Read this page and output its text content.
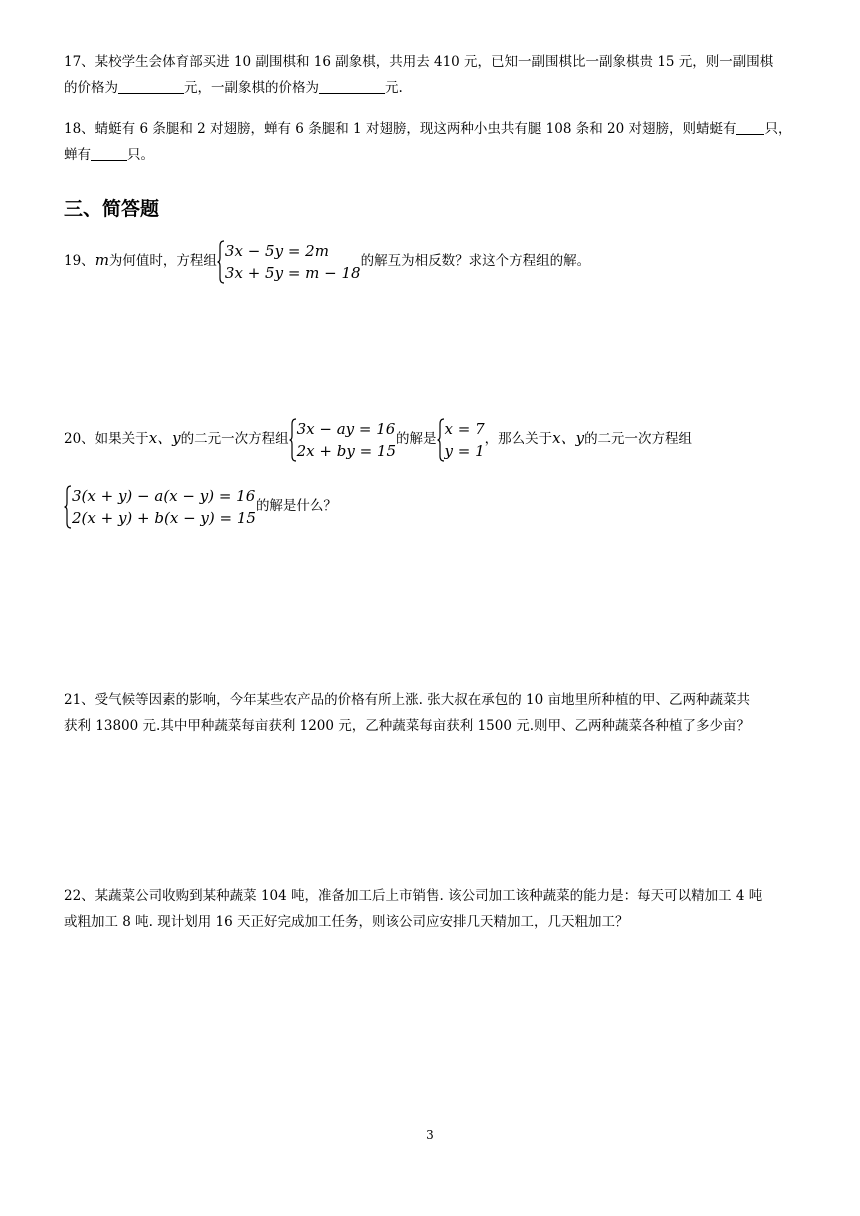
17、某校学生会体育部买进 10 副围棋和 16 副象棋，共用去 410 元，已知一副围棋比一副象棋贵 15 元，则一副围棋
的价格为	元，一副象棋的价格为	元.
18、蜻蜓有 6 条腿和 2 对翅膀，蝉有 6 条腿和 1 对翅膀，现这两种小虫共有腿 108 条和 20 对翅膀，则蜻蜓有 只，
蝉有	只。
三、简答题
19、m为何值时，方程组
3x − 5y = 2m
3x + 5y = m − 18
的解互为相反数？求这个方程组的解。
20、如果关于x、y的二元一次方程组
3x − ay = 16
2x + by = 15
的解是
x = 7
y = 1
，那么关于x、y的二元一次方程组
3(x + y) − a(x − y) = 16
2(x + y) + b(x − y) = 15
的解是什么？
21、受气候等因素的影响，今年某些农产品的价格有所上涨. 张大叔在承包的 10 亩地里所种植的甲、乙两种蔬菜共
获利 13800 元.其中甲种蔬菜每亩获利 1200 元，乙种蔬菜每亩获利 1500 元.则甲、乙两种蔬菜各种植了多少亩？
22、某蔬菜公司收购到某种蔬菜 104 吨，准备加工后上市销售. 该公司加工该种蔬菜的能力是：每天可以精加工 4 吨
或粗加工 8 吨. 现计划用 16 天正好完成加工任务，则该公司应安排几天精加工，几天粗加工？
3
